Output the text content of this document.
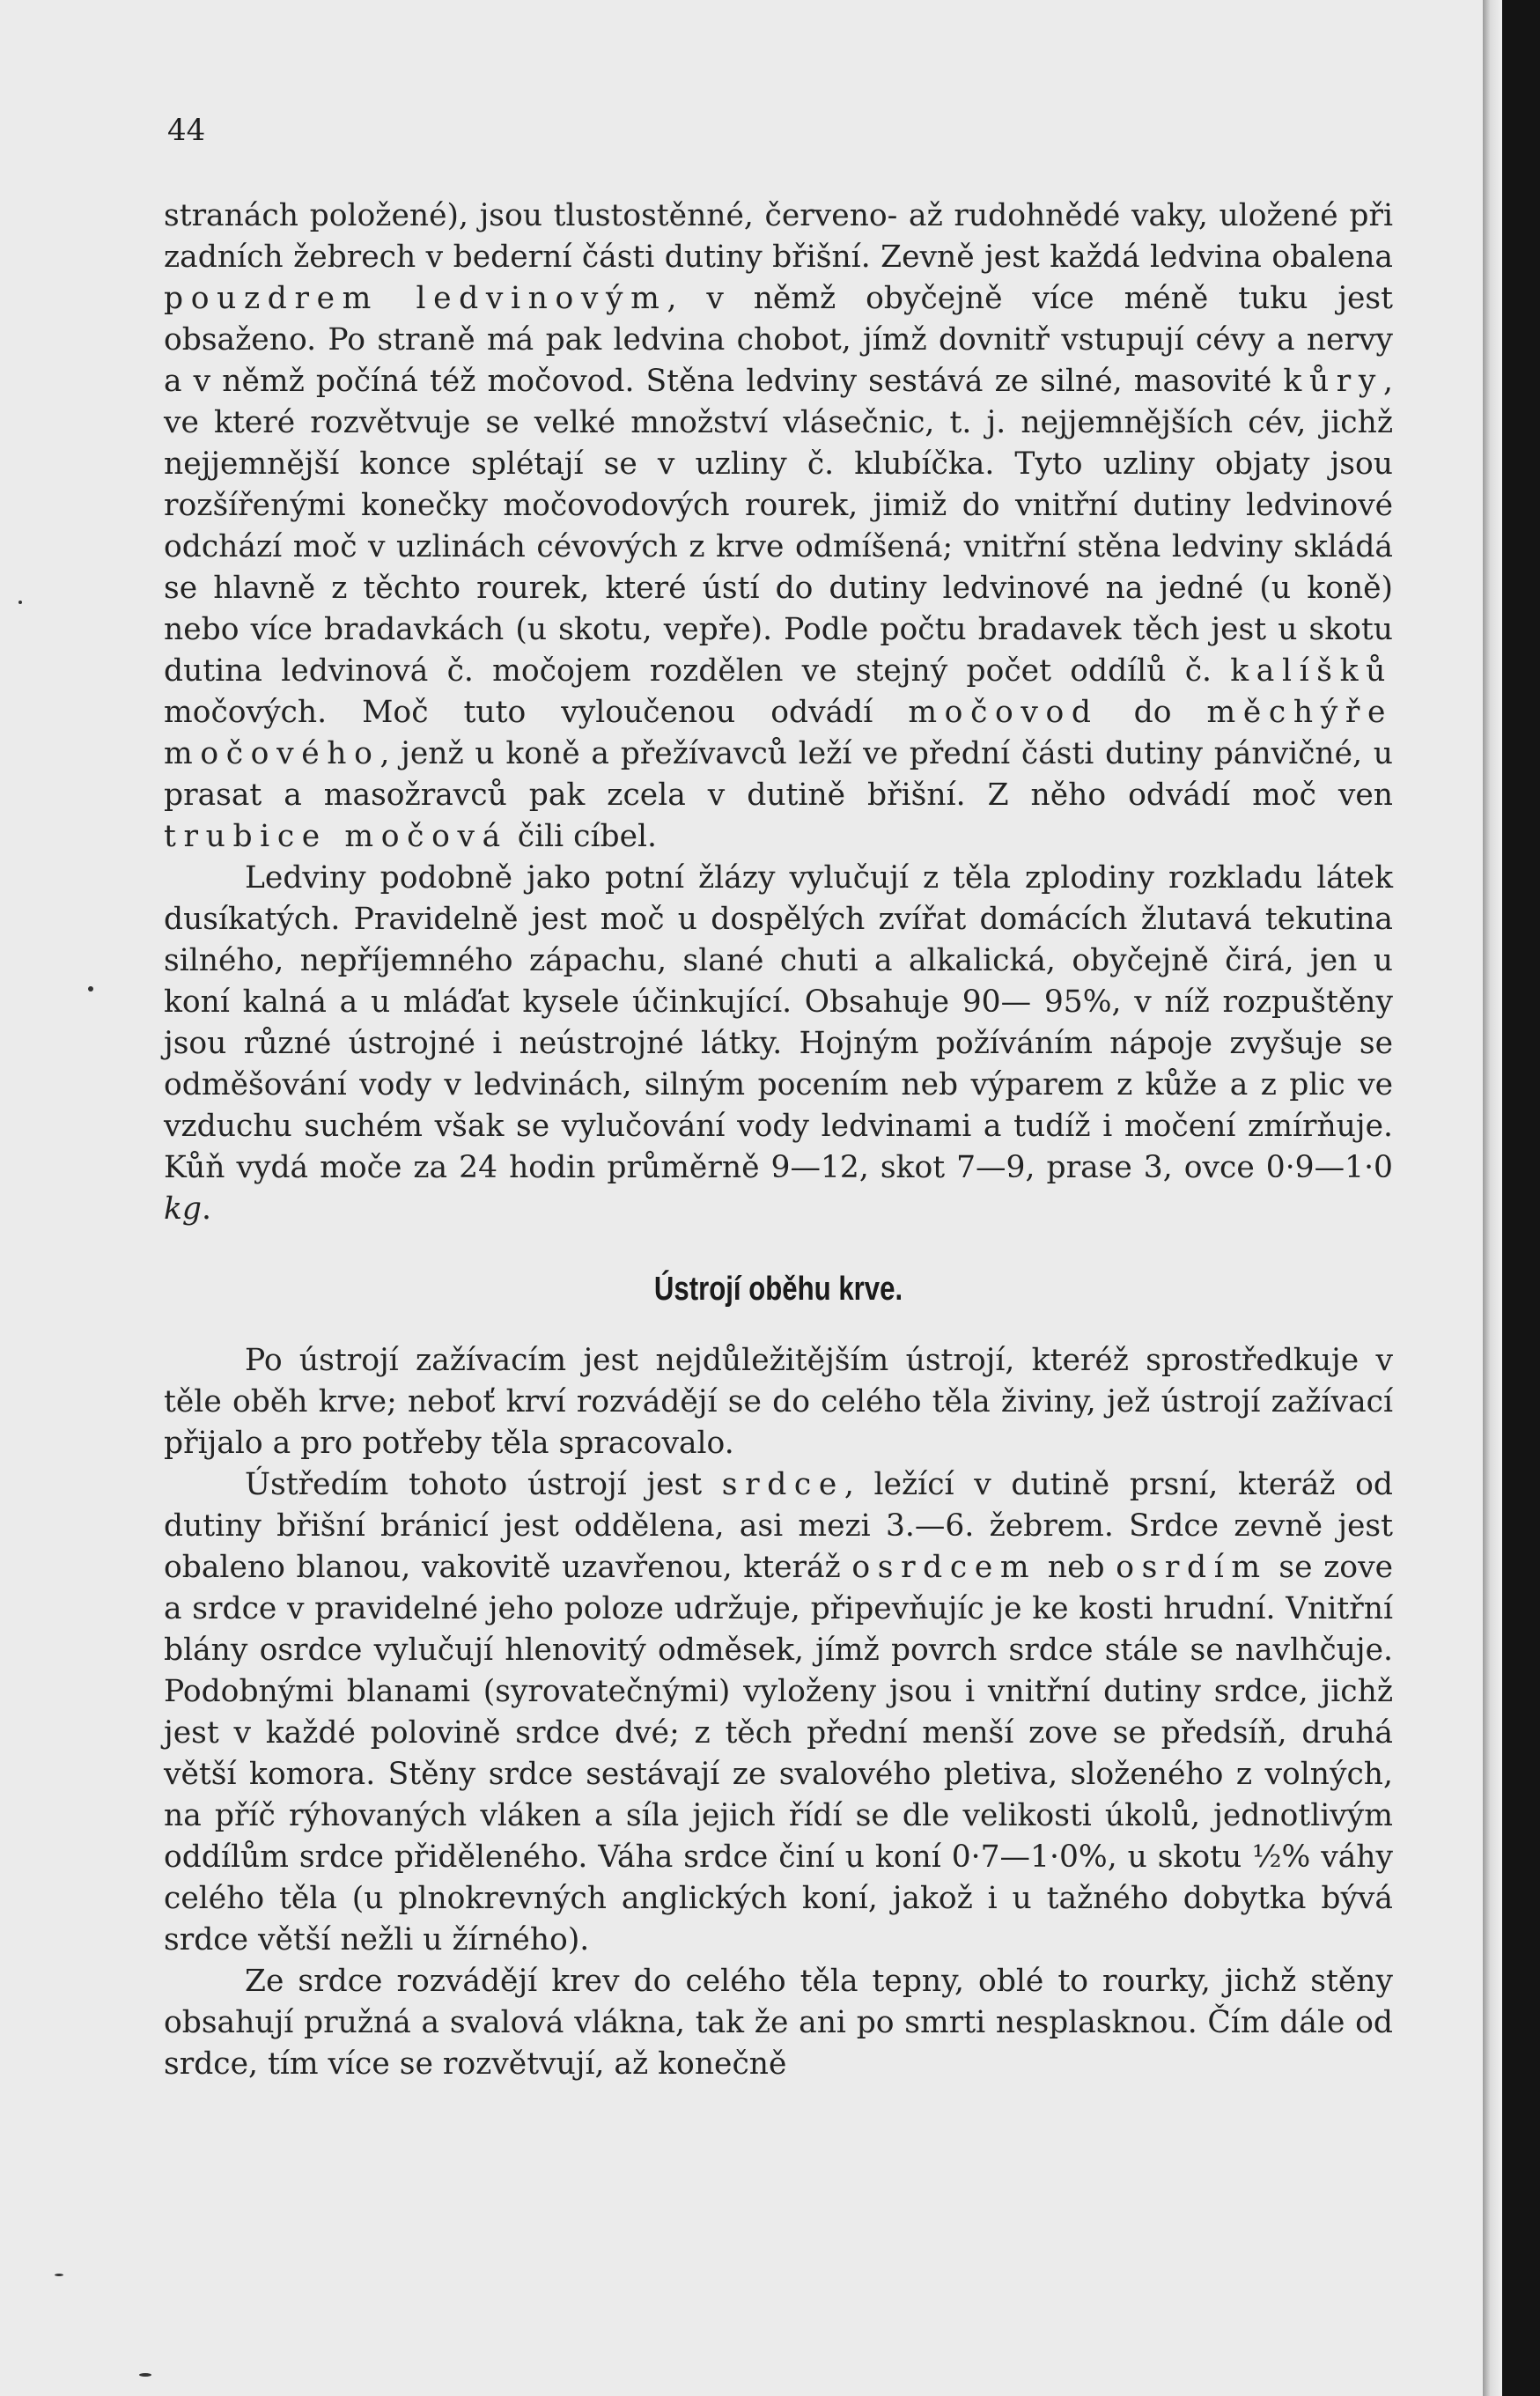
44

stranách položené), jsou tlustostěnné, červeno- až rudohnědé vaky, uložené při zadních žebrech v bederní části dutiny břišní. Zevně jest každá ledvina obalena pouzdrem ledvinovým, v němž obyčejně více méně tuku jest obsaženo. Po straně má pak ledvina chobot, jímž dovnitř vstupují cévy a nervy a v němž počíná též močovod. Stěna ledviny sestává ze silné, masovité kůry, ve které rozvětvuje se velké množství vlásečnic, t. j. nejjemnějších cév, jichž nejjemnější konce splétají se v uzliny č. klubíčka. Tyto uzliny objaty jsou rozšířenými konečky močovodových rourek, jimiž do vnitřní dutiny ledvinové odchází moč v uzlinách cévových z krve odmíšená; vnitřní stěna ledviny skládá se hlavně z těchto rourek, které ústí do dutiny ledvinové na jedné (u koně) nebo více bradavkách (u skotu, vepře). Podle počtu bradavek těch jest u skotu dutina ledvinová č. močojem rozdělen ve stejný počet oddílů č. kalíšků močových. Moč tuto vyloučenou odvádí močovod do měchýře močového, jenž u koně a přežívavců leží ve přední části dutiny pánvičné, u prasat a masožravců pak zcela v dutině břišní. Z něho odvádí moč ven trubice močová čili cíbel.

Ledviny podobně jako potní žlázy vylučují z těla zplodiny rozkladu látek dusíkatých. Pravidelně jest moč u dospělých zvířat domácích žlutavá tekutina silného, nepříjemného zápachu, slané chuti a alkalická, obyčejně čirá, jen u koní kalná a u mláďat kysele účinkující. Obsahuje 90— 95%, v níž rozpuštěny jsou různé ústrojné i neústrojné látky. Hojným požíváním nápoje zvyšuje se odměšování vody v ledvinách, silným pocením neb výparem z kůže a z plic ve vzduchu suchém však se vylučování vody ledvinami a tudíž i močení zmírňuje. Kůň vydá moče za 24 hodin průměrně 9—12, skot 7—9, prase 3, ovce 0·9—1·0 kg.

Ústrojí oběhu krve.

Po ústrojí zažívacím jest nejdůležitějším ústrojí, kteréž sprostředkuje v těle oběh krve; neboť krví rozvádějí se do celého těla živiny, jež ústrojí zažívací přijalo a pro potřeby těla spracovalo.

Ústředím tohoto ústrojí jest srdce, ležící v dutině prsní, kteráž od dutiny břišní bránicí jest oddělena, asi mezi 3.—6. žebrem. Srdce zevně jest obaleno blanou, vakovitě uzavřenou, kteráž osrdcem neb osrdím se zove a srdce v pravidelné jeho poloze udržuje, připevňujíc je ke kosti hrudní. Vnitřní blány osrdce vylučují hlenovitý odměsek, jímž povrch srdce stále se navlhčuje. Podobnými blanami (syrovatečnými) vyloženy jsou i vnitřní dutiny srdce, jichž jest v každé polovině srdce dvé; z těch přední menší zove se předsíň, druhá větší komora. Stěny srdce sestávají ze svalového pletiva, složeného z volných, na příč rýhovaných vláken a síla jejich řídí se dle velikosti úkolů, jednotlivým oddílům srdce přiděleného. Váha srdce činí u koní 0·7—1·0%, u skotu ½% váhy celého těla (u plnokrevných anglických koní, jakož i u tažného dobytka bývá srdce větší nežli u žírného).

Ze srdce rozvádějí krev do celého těla tepny, oblé to rourky, jichž stěny obsahují pružná a svalová vlákna, tak že ani po smrti nesplasknou. Čím dále od srdce, tím více se rozvětvují, až konečně
